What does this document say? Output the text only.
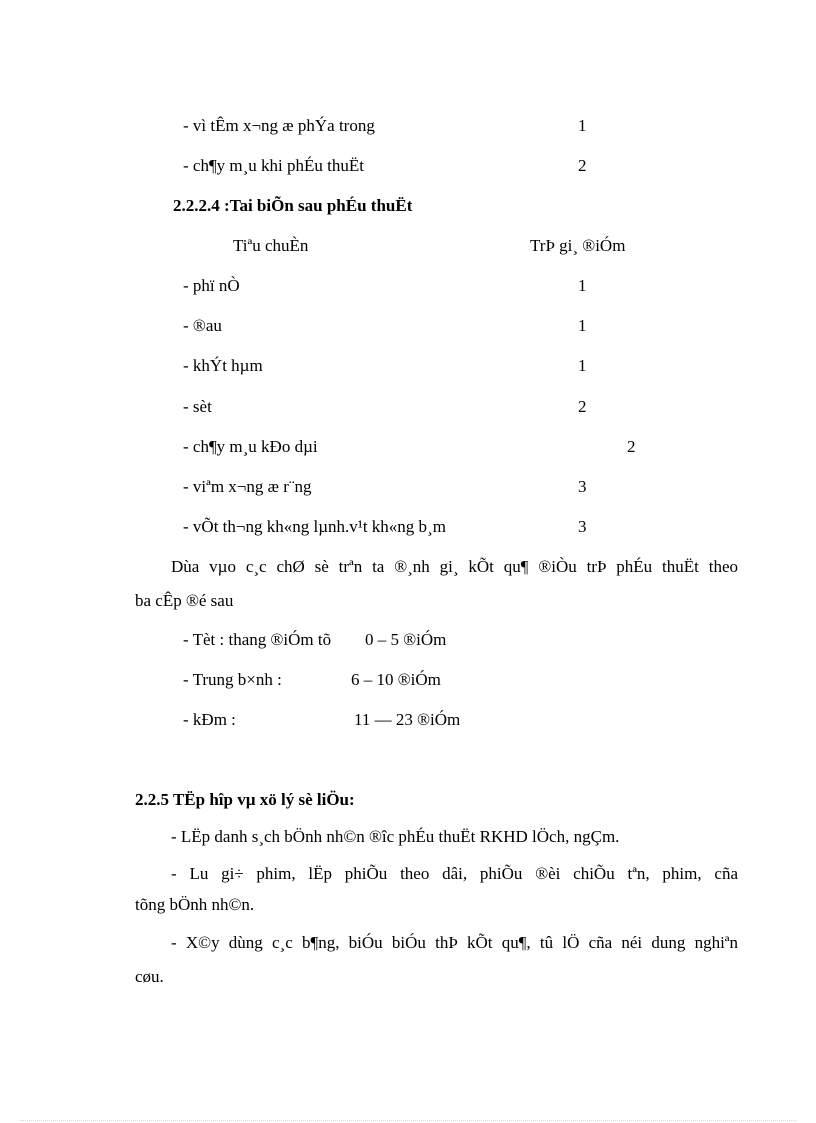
- vì tÊm x¬ng æ phÝa trong	1
- ch¶y m¸u khi phÉu thuËt	2
2.2.2.4 :Tai biÕn sau phÉu thuËt
Tiªu chuÈn	TrÞ gi¸ ®iÓm
- phï nÒ	1
- ®au	1
- khÝt hµm	1
- sèt	2
- ch¶y m¸u kÐo dµi	2
- viªm x¬ng æ r¨ng	3
- vÕt th¬ng kh«ng lµnh.v¹t kh«ng b¸m	3
Dùa vµo c¸c chØ sè trªn ta ®¸nh gi¸ kÕt qu¶ ®iÒu trÞ phÉu thuËt theo
ba cÊp ®é sau
- Tèt : thang ®iÓm tõ 0 – 5 ®iÓm
- Trung b×nh :	6 – 10 ®iÓm
- kÐm :	11 — 23 ®iÓm
2.2.5 TËp hîp vµ xö lý sè liÖu:
- LËp danh s¸ch bÖnh nh©n ®îc phÉu thuËt RKHD lÖch, ngÇm.
- Lu gi÷ phim, lËp phiÕu theo dâi, phiÕu ®èi chiÕu tªn, phim, cña
tõng bÖnh nh©n.
- X©y dùng c¸c b¶ng, biÓu biÓu thÞ kÕt qu¶, tû lÖ cña néi dung nghiªn
cøu.
